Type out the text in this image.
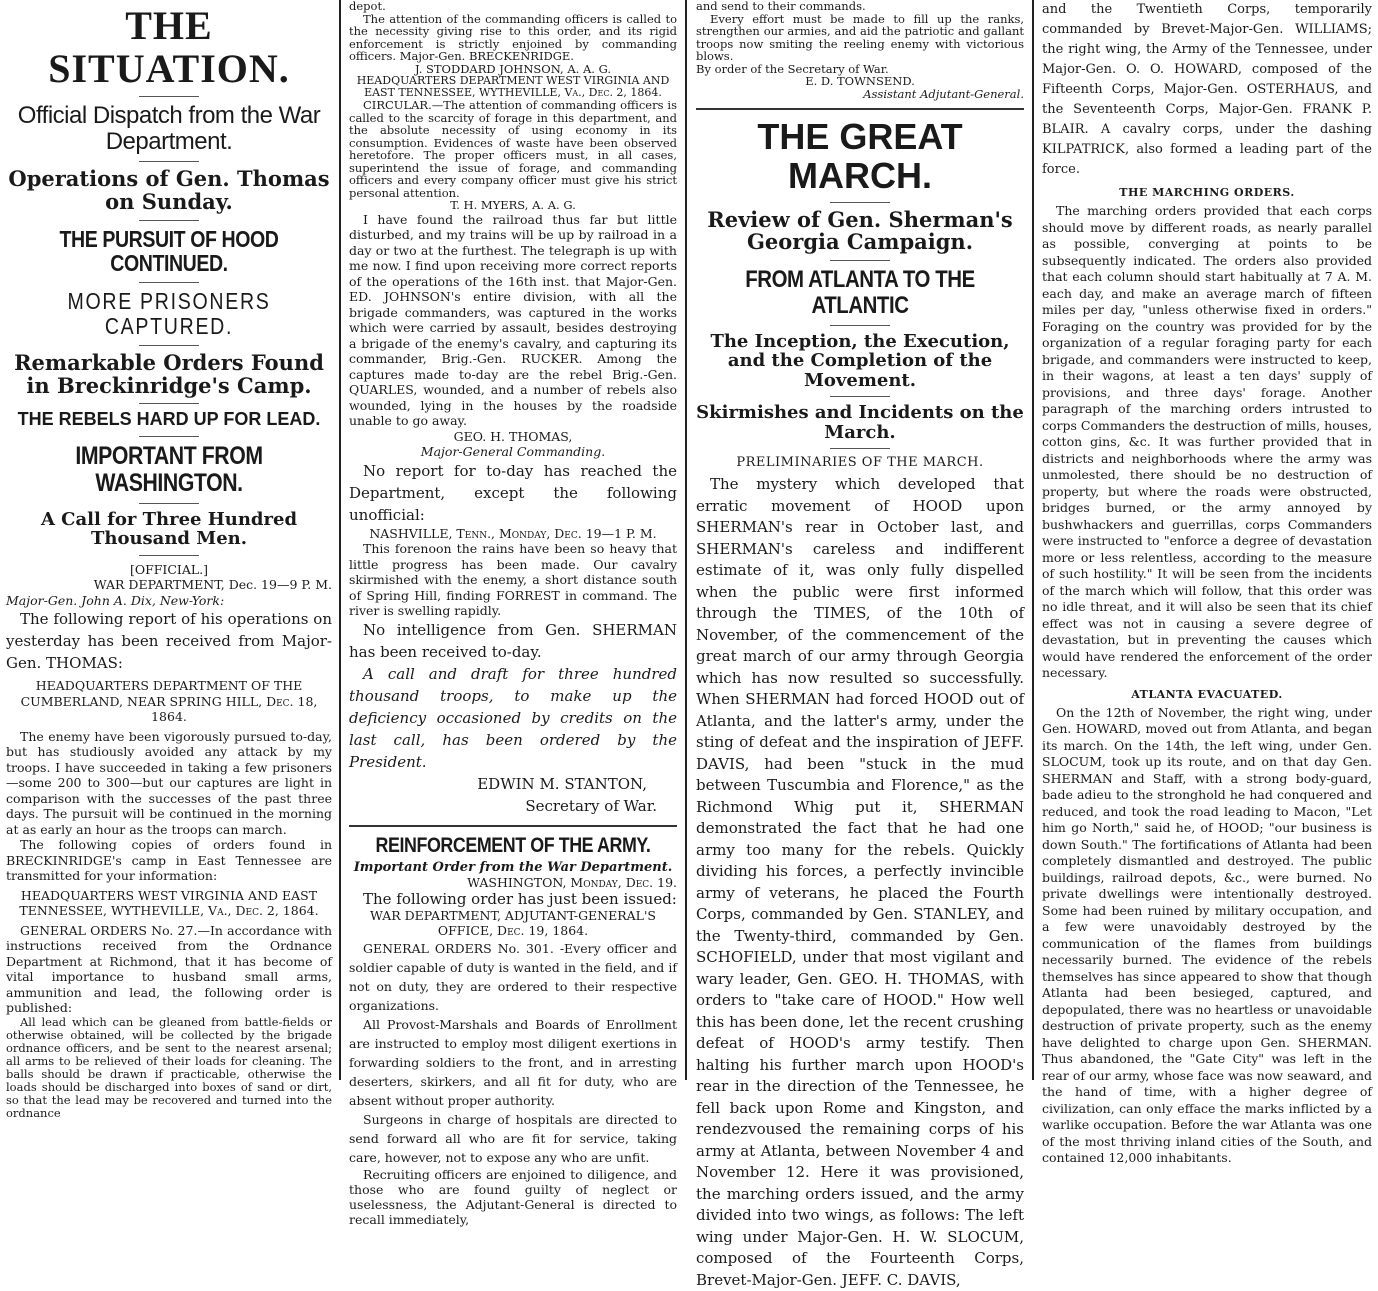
THE SITUATION.
Official Dispatch from the War Department.
Operations of Gen. Thomas on Sunday.
THE PURSUIT OF HOOD CONTINUED.
MORE PRISONERS CAPTURED.
Remarkable Orders Found in Breckinridge's Camp.
THE REBELS HARD UP FOR LEAD.
IMPORTANT FROM WASHINGTON.
A Call for Three Hundred Thousand Men.

[OFFICIAL.]

WAR DEPARTMENT, Dec. 19—9 P. M.

Major-Gen. John A. Dix, New-York:

The following report of his operations on yesterday has been received from Major-Gen. THOMAS:

HEADQUARTERS DEPARTMENT OF THE CUMBERLAND, NEAR SPRING HILL, Dec. 18, 1864.

The enemy have been vigorously pursued to-day, but has studiously avoided any attack by my troops. I have succeeded in taking a few prisoners—some 200 to 300—but our captures are light in comparison with the successes of the past three days. The pursuit will be continued in the morning at as early an hour as the troops can march.

The following copies of orders found in BRECKINRIDGE's camp in East Tennessee are transmitted for your information:

HEADQUARTERS WEST VIRGINIA AND EAST TENNESSEE, WYTHEVILLE, Va., Dec. 2, 1864.

GENERAL ORDERS No. 27.—In accordance with instructions received from the Ordnance Department at Richmond, that it has become of vital importance to husband small arms, ammunition and lead, the following order is published:

All lead which can be gleaned from battle-fields or otherwise obtained, will be collected by the brigade ordnance officers, and be sent to the nearest arsenal; all arms to be relieved of their loads for cleaning. The balls should be drawn if practicable, otherwise the loads should be discharged into boxes of sand or dirt, so that the lead may be recovered and turned into the ordnance

depot.

The attention of the commanding officers is called to the necessity giving rise to this order, and its rigid enforcement is strictly enjoined by commanding officers. Major-Gen. BRECKENRIDGE.

J. STODDARD JOHNSON, A. A. G.

HEADQUARTERS DEPARTMENT WEST VIRGINIA AND EAST TENNESSEE, WYTHEVILLE, Va., Dec. 2, 1864.

CIRCULAR.—The attention of commanding officers is called to the scarcity of forage in this department, and the absolute necessity of using economy in its consumption. Evidences of waste have been observed heretofore. The proper officers must, in all cases, superintend the issue of forage, and commanding officers and every company officer must give his strict personal attention.

T. H. MYERS, A. A. G.

I have found the railroad thus far but little disturbed, and my trains will be up by railroad in a day or two at the furthest. The telegraph is up with me now. I find upon receiving more correct reports of the operations of the 16th inst. that Major-Gen. ED. JOHNSON's entire division, with all the brigade commanders, was captured in the works which were carried by assault, besides destroying a brigade of the enemy's cavalry, and capturing its commander, Brig.-Gen. RUCKER. Among the captures made to-day are the rebel Brig.-Gen. QUARLES, wounded, and a number of rebels also wounded, lying in the houses by the roadside unable to go away.

GEO. H. THOMAS,

Major-General Commanding.

No report for to-day has reached the Department, except the following unofficial:

NASHVILLE, Tenn., Monday, Dec. 19—1 P. M.

This forenoon the rains have been so heavy that little progress has been made. Our cavalry skirmished with the enemy, a short distance south of Spring Hill, finding FORREST in command. The river is swelling rapidly.

No intelligence from Gen. SHERMAN has been received to-day.

A call and draft for three hundred thousand troops, to make up the deficiency occasioned by credits on the last call, has been ordered by the President.

EDWIN M. STANTON,

Secretary of War.

REINFORCEMENT OF THE ARMY.
Important Order from the War Department.

WASHINGTON, Monday, Dec. 19.

The following order has just been issued:

WAR DEPARTMENT, ADJUTANT-GENERAL'S OFFICE, Dec. 19, 1864.

GENERAL ORDERS No. 301. -Every officer and soldier capable of duty is wanted in the field, and if not on duty, they are ordered to their respective organizations.

All Provost-Marshals and Boards of Enrollment are instructed to employ most diligent exertions in forwarding soldiers to the front, and in arresting deserters, skirkers, and all fit for duty, who are absent without proper authority.

Surgeons in charge of hospitals are directed to send forward all who are fit for service, taking care, however, not to expose any who are unfit.

Recruiting officers are enjoined to diligence, and those who are found guilty of neglect or uselessness, the Adjutant-General is directed to recall immediately,

and send to their commands.

Every effort must be made to fill up the ranks, strengthen our armies, and aid the patriotic and gallant troops now smiting the reeling enemy with victorious blows.

By order of the Secretary of War.

E. D. TOWNSEND.

Assistant Adjutant-General.

THE GREAT MARCH.
Review of Gen. Sherman's Georgia Campaign.
FROM ATLANTA TO THE ATLANTIC
The Inception, the Execution, and the Completion of the Movement.
Skirmishes and Incidents on the March.
PRELIMINARIES OF THE MARCH.

The mystery which developed that erratic movement of HOOD upon SHERMAN's rear in October last, and SHERMAN's careless and indifferent estimate of it, was only fully dispelled when the public were first informed through the TIMES, of the 10th of November, of the commencement of the great march of our army through Georgia which has now resulted so successfully. When SHERMAN had forced HOOD out of Atlanta, and the latter's army, under the sting of defeat and the inspiration of JEFF. DAVIS, had been "stuck in the mud between Tuscumbia and Florence," as the Richmond Whig put it, SHERMAN demonstrated the fact that he had one army too many for the rebels. Quickly dividing his forces, a perfectly invincible army of veterans, he placed the Fourth Corps, commanded by Gen. STANLEY, and the Twenty-third, commanded by Gen. SCHOFIELD, under that most vigilant and wary leader, Gen. GEO. H. THOMAS, with orders to "take care of HOOD." How well this has been done, let the recent crushing defeat of HOOD's army testify. Then halting his further march upon HOOD's rear in the direction of the Tennessee, he fell back upon Rome and Kingston, and rendezvoused the remaining corps of his army at Atlanta, between November 4 and November 12. Here it was provisioned, the marching orders issued, and the army divided into two wings, as follows: The left wing under Major-Gen. H. W. SLOCUM, composed of the Fourteenth Corps, Brevet-Major-Gen. JEFF. C. DAVIS,

and the Twentieth Corps, temporarily commanded by Brevet-Major-Gen. WILLIAMS; the right wing, the Army of the Tennessee, under Major-Gen. O. O. HOWARD, composed of the Fifteenth Corps, Major-Gen. OSTERHAUS, and the Seventeenth Corps, Major-Gen. FRANK P. BLAIR. A cavalry corps, under the dashing KILPATRICK, also formed a leading part of the force.

THE MARCHING ORDERS.

The marching orders provided that each corps should move by different roads, as nearly parallel as possible, converging at points to be subsequently indicated. The orders also provided that each column should start habitually at 7 A. M. each day, and make an average march of fifteen miles per day, "unless otherwise fixed in orders." Foraging on the country was provided for by the organization of a regular foraging party for each brigade, and commanders were instructed to keep, in their wagons, at least a ten days' supply of provisions, and three days' forage. Another paragraph of the marching orders intrusted to corps Commanders the destruction of mills, houses, cotton gins, &c. It was further provided that in districts and neighborhoods where the army was unmolested, there should be no destruction of property, but where the roads were obstructed, bridges burned, or the army annoyed by bushwhackers and guerrillas, corps Commanders were instructed to "enforce a degree of devastation more or less relentless, according to the measure of such hostility." It will be seen from the incidents of the march which will follow, that this order was no idle threat, and it will also be seen that its chief effect was not in causing a severe degree of devastation, but in preventing the causes which would have rendered the enforcement of the order necessary.

ATLANTA EVACUATED.

On the 12th of November, the right wing, under Gen. HOWARD, moved out from Atlanta, and began its march. On the 14th, the left wing, under Gen. SLOCUM, took up its route, and on that day Gen. SHERMAN and Staff, with a strong body-guard, bade adieu to the stronghold he had conquered and reduced, and took the road leading to Macon, "Let him go North," said he, of HOOD; "our business is down South." The fortifications of Atlanta had been completely dismantled and destroyed. The public buildings, railroad depots, &c., were burned. No private dwellings were intentionally destroyed. Some had been ruined by military occupation, and a few were unavoidably destroyed by the communication of the flames from buildings necessarily burned. The evidence of the rebels themselves has since appeared to show that though Atlanta had been besieged, captured, and depopulated, there was no heartless or unavoidable destruction of private property, such as the enemy have delighted to charge upon Gen. SHERMAN. Thus abandoned, the "Gate City" was left in the rear of our army, whose face was now seaward, and the hand of time, with a higher degree of civilization, can only efface the marks inflicted by a warlike occupation. Before the war Atlanta was one of the most thriving inland cities of the South, and contained 12,000 inhabitants.
